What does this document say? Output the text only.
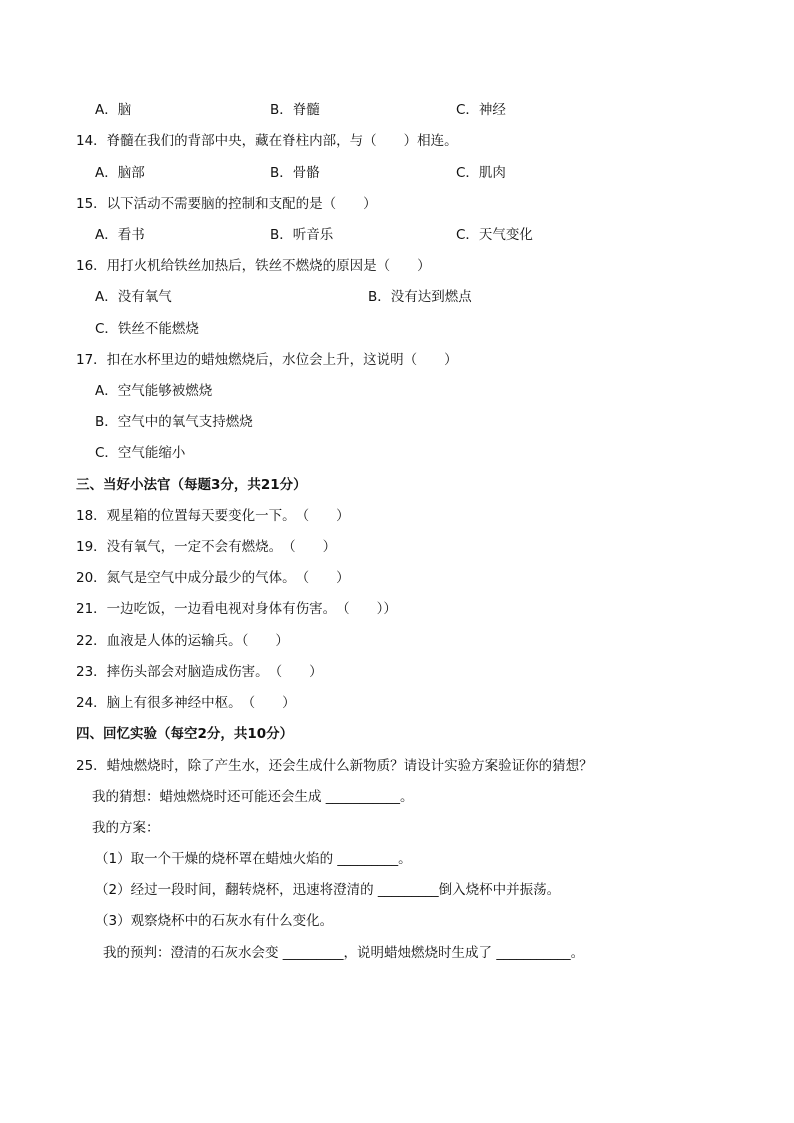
A．脑	B．脊髓	C．神经
14．脊髓在我们的背部中央，藏在脊柱内部，与（　　）相连。
A．脑部	B．骨骼	C．肌肉
15．以下活动不需要脑的控制和支配的是（　　）
A．看书	B．听音乐	C．天气变化
16．用打火机给铁丝加热后，铁丝不燃烧的原因是（　　）
A．没有氧气	B．没有达到燃点
C．铁丝不能燃烧
17．扣在水杯里边的蜡烛燃烧后，水位会上升，这说明（　　）
A．空气能够被燃烧
B．空气中的氧气支持燃烧
C．空气能缩小
三、当好小法官（每题3分，共21分）
18．观星箱的位置每天要变化一下。　（　　）
19．没有氧气，一定不会有燃烧。　（　　）
20．氮气是空气中成分最少的气体。　（　　）
21．一边吃饭，一边看电视对身体有伤害。　（　　））
22．血液是人体的运输兵。（　　）
23．摔伤头部会对脑造成伤害。　（　　）
24．脑上有很多神经中枢。　（　　）
四、回忆实验（每空2分，共10分）
25．蜡烛燃烧时，除了产生水，还会生成什么新物质？请设计实验方案验证你的猜想？
我的猜想：蜡烛燃烧时还可能还会生成 ___________。
我的方案：
（1）取一个干燥的烧杯罩在蜡烛火焰的 _________。
（2）经过一段时间，翻转烧杯，迅速将澄清的 _________倒入烧杯中并振荡。
（3）观察烧杯中的石灰水有什么变化。
我的预判：澄清的石灰水会变 _________，说明蜡烛燃烧时生成了 ___________。
